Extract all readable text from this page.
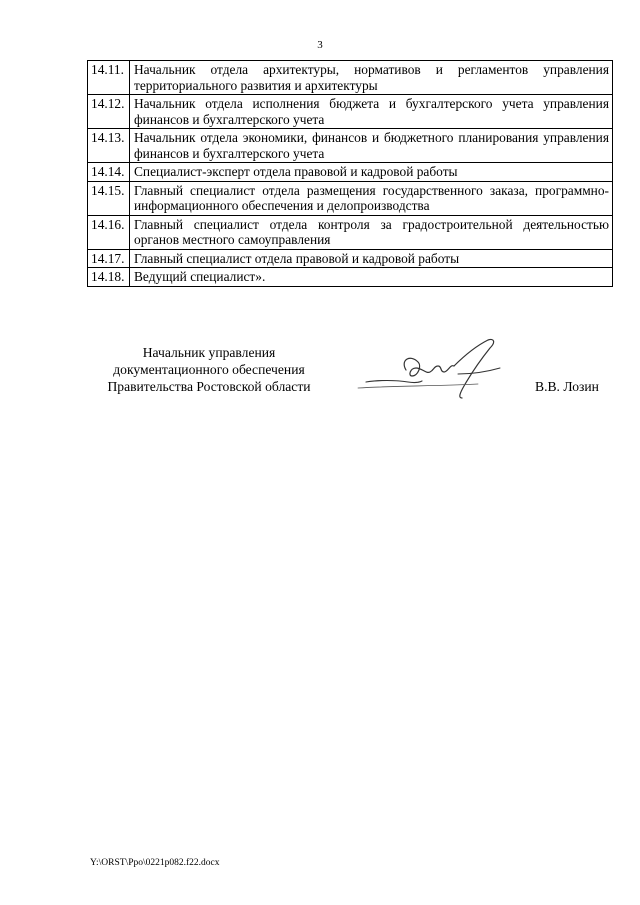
3
14.11.	Начальник отдела архитектуры, нормативов и регламентов управления территориального развития и архитектуры
14.12.	Начальник отдела исполнения бюджета и бухгалтерского учета управления финансов и бухгалтерского учета
14.13.	Начальник отдела экономики, финансов и бюджетного планирования управления финансов и бухгалтерского учета
14.14.	Специалист-эксперт отдела правовой и кадровой работы
14.15.	Главный специалист отдела размещения государственного заказа, программно-информационного обеспечения и делопроизводства
14.16.	Главный специалист отдела контроля за градостроительной деятельностью органов местного самоуправления
14.17.	Главный специалист отдела правовой и кадровой работы
14.18.	Ведущий специалист».
Начальник управления
документационного обеспечения
Правительства Ростовской области	В.В. Лозин
Y:\ORST\Ppo\0221p082.f22.docx
